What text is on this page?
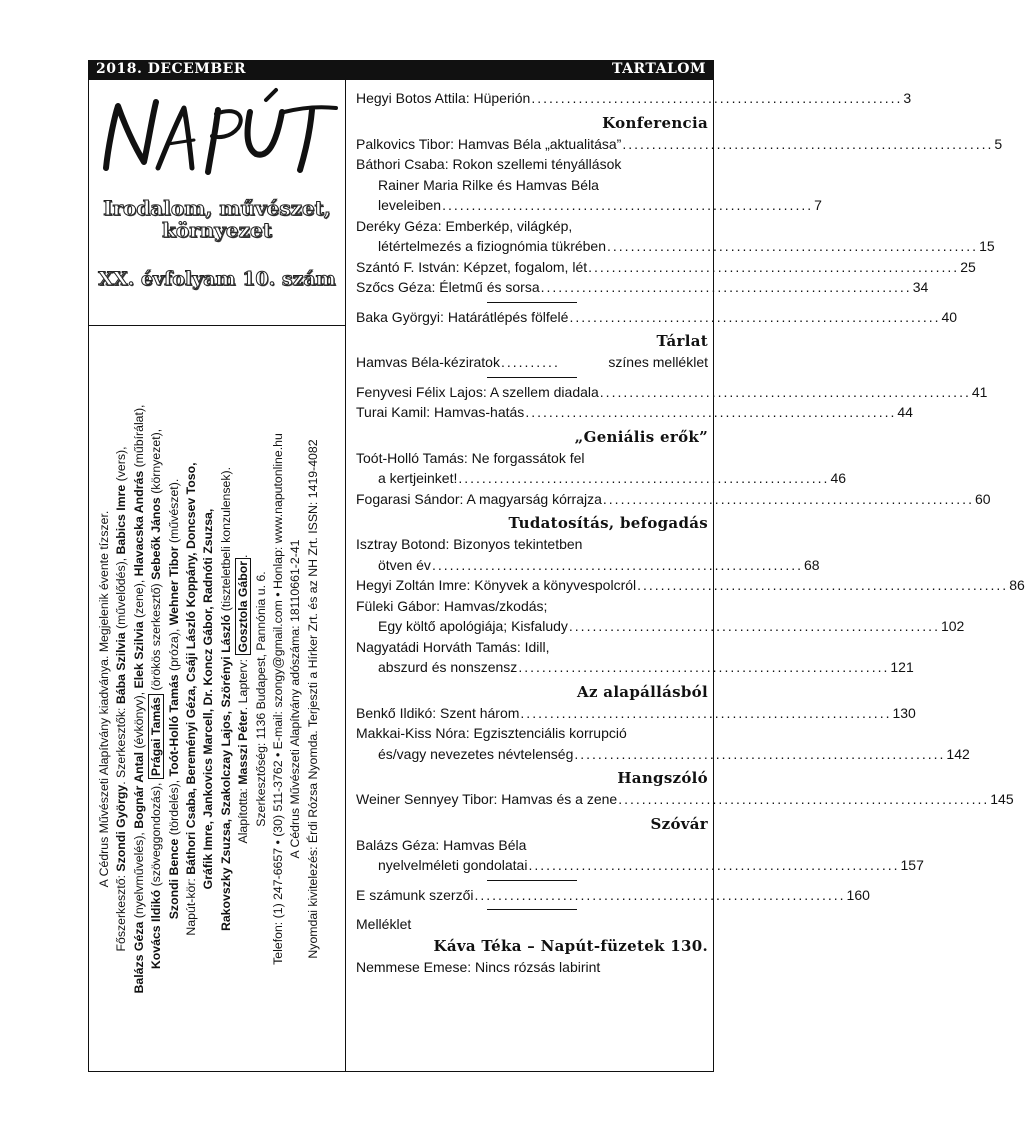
2018. DECEMBER	TARTALOM
Irodalom, művészet,
környezet
XX. évfolyam 10. szám
A Cédrus Művészeti Alapítvány kiadványa. Megjelenik évente tízszer.
Főszerkesztő: Szondi György. Szerkesztők: Bába Szilvia (művelődés), Babics Imre (vers),
Balázs Géza (nyelvművelés), Bognár Antal (évkönyv), Elek Szilvia (zene), Hlavacska András (műbírálat),
Kovács Ildikó (szöveggondozás), Prágai Tamás (örökös szerkesztő) Sebeők János (környezet),
Szondi Bence (tördelés), Toót-Holló Tamás (próza), Wehner Tibor (művészet).
Napút-kör: Báthori Csaba, Bereményi Géza, Csáji László Koppány, Doncsev Toso, Gráfik Imre, Jankovics Marcell, Dr. Koncz Gábor, Radnóti Zsuzsa, Rakovszky Zsuzsa, Szakolczay Lajos, Szörényi László (tiszteletbeli konzulensek).
Alapította: Masszi Péter. Lapterv: Gosztola Gábor.
Szerkesztőség: 1136 Budapest, Pannónia u. 6. Telefon: (1) 247-6657 • (30) 511-3762 • E-mail: szongy@gmail.com • Honlap: www.naputonline.hu A Cédrus Művészeti Alapítvány adószáma: 18110661-2-41 Nyomdai kivitelezés: Érdi Rózsa Nyomda. Terjeszti a Hírker Zrt. és az NH Zrt. ISSN: 1419-4082
Hegyi Botos Attila: Hüperión ............................................................... 3
Konferencia
Palkovics Tibor: Hamvas Béla „aktualitása” ............................................................... 5
Báthori Csaba: Rokon szellemi tényállások
Rainer Maria Rilke és Hamvas Béla
leveleiben ............................................................... 7
Deréky Géza: Emberkép, világkép,
létértelmezés a fiziognómia tükrében ............................................................... 15
Szántó F. István: Képzet, fogalom, lét ............................................................... 25
Szőcs Géza: Életmű és sorsa ............................................................... 34
Baka Györgyi: Határátlépés fölfelé ............................................................... 40
Tárlat
Hamvas Béla-kéziratok ..........	színes melléklet
Fenyvesi Félix Lajos: A szellem diadala ............................................................... 41
Turai Kamil: Hamvas-hatás ............................................................... 44
„Geniális erők”
Toót-Holló Tamás: Ne forgassátok fel
a kertjeinket! ............................................................... 46
Fogarasi Sándor: A magyarság kórrajza ............................................................... 60
Tudatosítás, befogadás
Isztray Botond: Bizonyos tekintetben
ötven év ............................................................... 68
Hegyi Zoltán Imre: Könyvek a könyvespolcról ............................................................... 86
Füleki Gábor: Hamvas/zkodás;
Egy költő apológiája; Kisfaludy ............................................................... 102
Nagyatádi Horváth Tamás: Idill,
abszurd és nonszensz ............................................................... 121
Az alapállásból
Benkő Ildikó: Szent három ............................................................... 130
Makkai-Kiss Nóra: Egzisztenciális korrupció
és/vagy nevezetes névtelenség ............................................................... 142
Hangszóló
Weiner Sennyey Tibor: Hamvas és a zene ............................................................... 145
Szóvár
Balázs Géza: Hamvas Béla
nyelvelméleti gondolatai ............................................................... 157
E számunk szerzői ............................................................... 160
Melléklet
Káva Téka – Napút-füzetek 130.
Nemmese Emese: Nincs rózsás labirint
